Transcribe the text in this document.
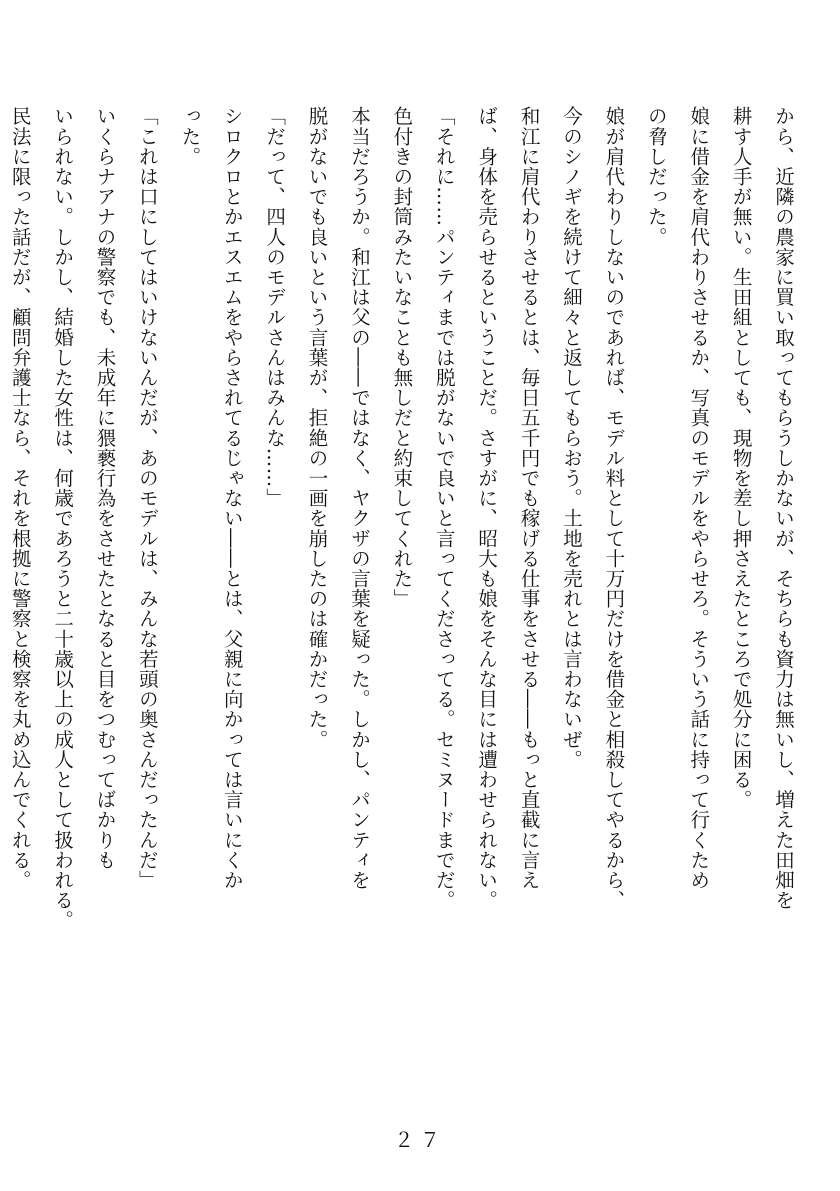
から、近隣の農家に買い取ってもらうしかないが、そちらも資力は無いし、増えた田畑を
耕す人手が無い。生田組としても、現物を差し押さえたところで処分に困る。
娘に借金を肩代わりさせるか、写真のモデルをやらせろ。そういう話に持って行くため
の脅しだった。
娘が肩代わりしないのであれば、モデル料として十万円だけを借金と相殺してやるから、
今のシノギを続けて細々と返してもらおう。土地を売れとは言わないぜ。
和江に肩代わりさせるとは、毎日五千円でも稼げる仕事をさせる――もっと直截に言え
ば、身体を売らせるということだ。さすがに、昭大も娘をそんな目には遭わせられない。
「それに……パンティまでは脱がないで良いと言ってくださってる。セミヌードまでだ。
色付きの封筒みたいなことも無しだと約束してくれた」
本当だろうか。和江は父の――ではなく、ヤクザの言葉を疑った。しかし、パンティを
脱がないでも良いという言葉が、拒絶の一画を崩したのは確かだった。
「だって、四人のモデルさんはみんな……」
シロクロとかエスエムをやらされてるじゃない――とは、父親に向かっては言いにくか
った。
「これは口にしてはいけないんだが、あのモデルは、みんな若頭の奥さんだったんだ」
いくらナアナの警察でも、未成年に猥褻行為をさせたとなると目をつむってばかりも
いられない。しかし、結婚した女性は、何歳であろうと二十歳以上の成人として扱われる。
民法に限った話だが、顧問弁護士なら、それを根拠に警察と検察を丸め込んでくれる。
２７
